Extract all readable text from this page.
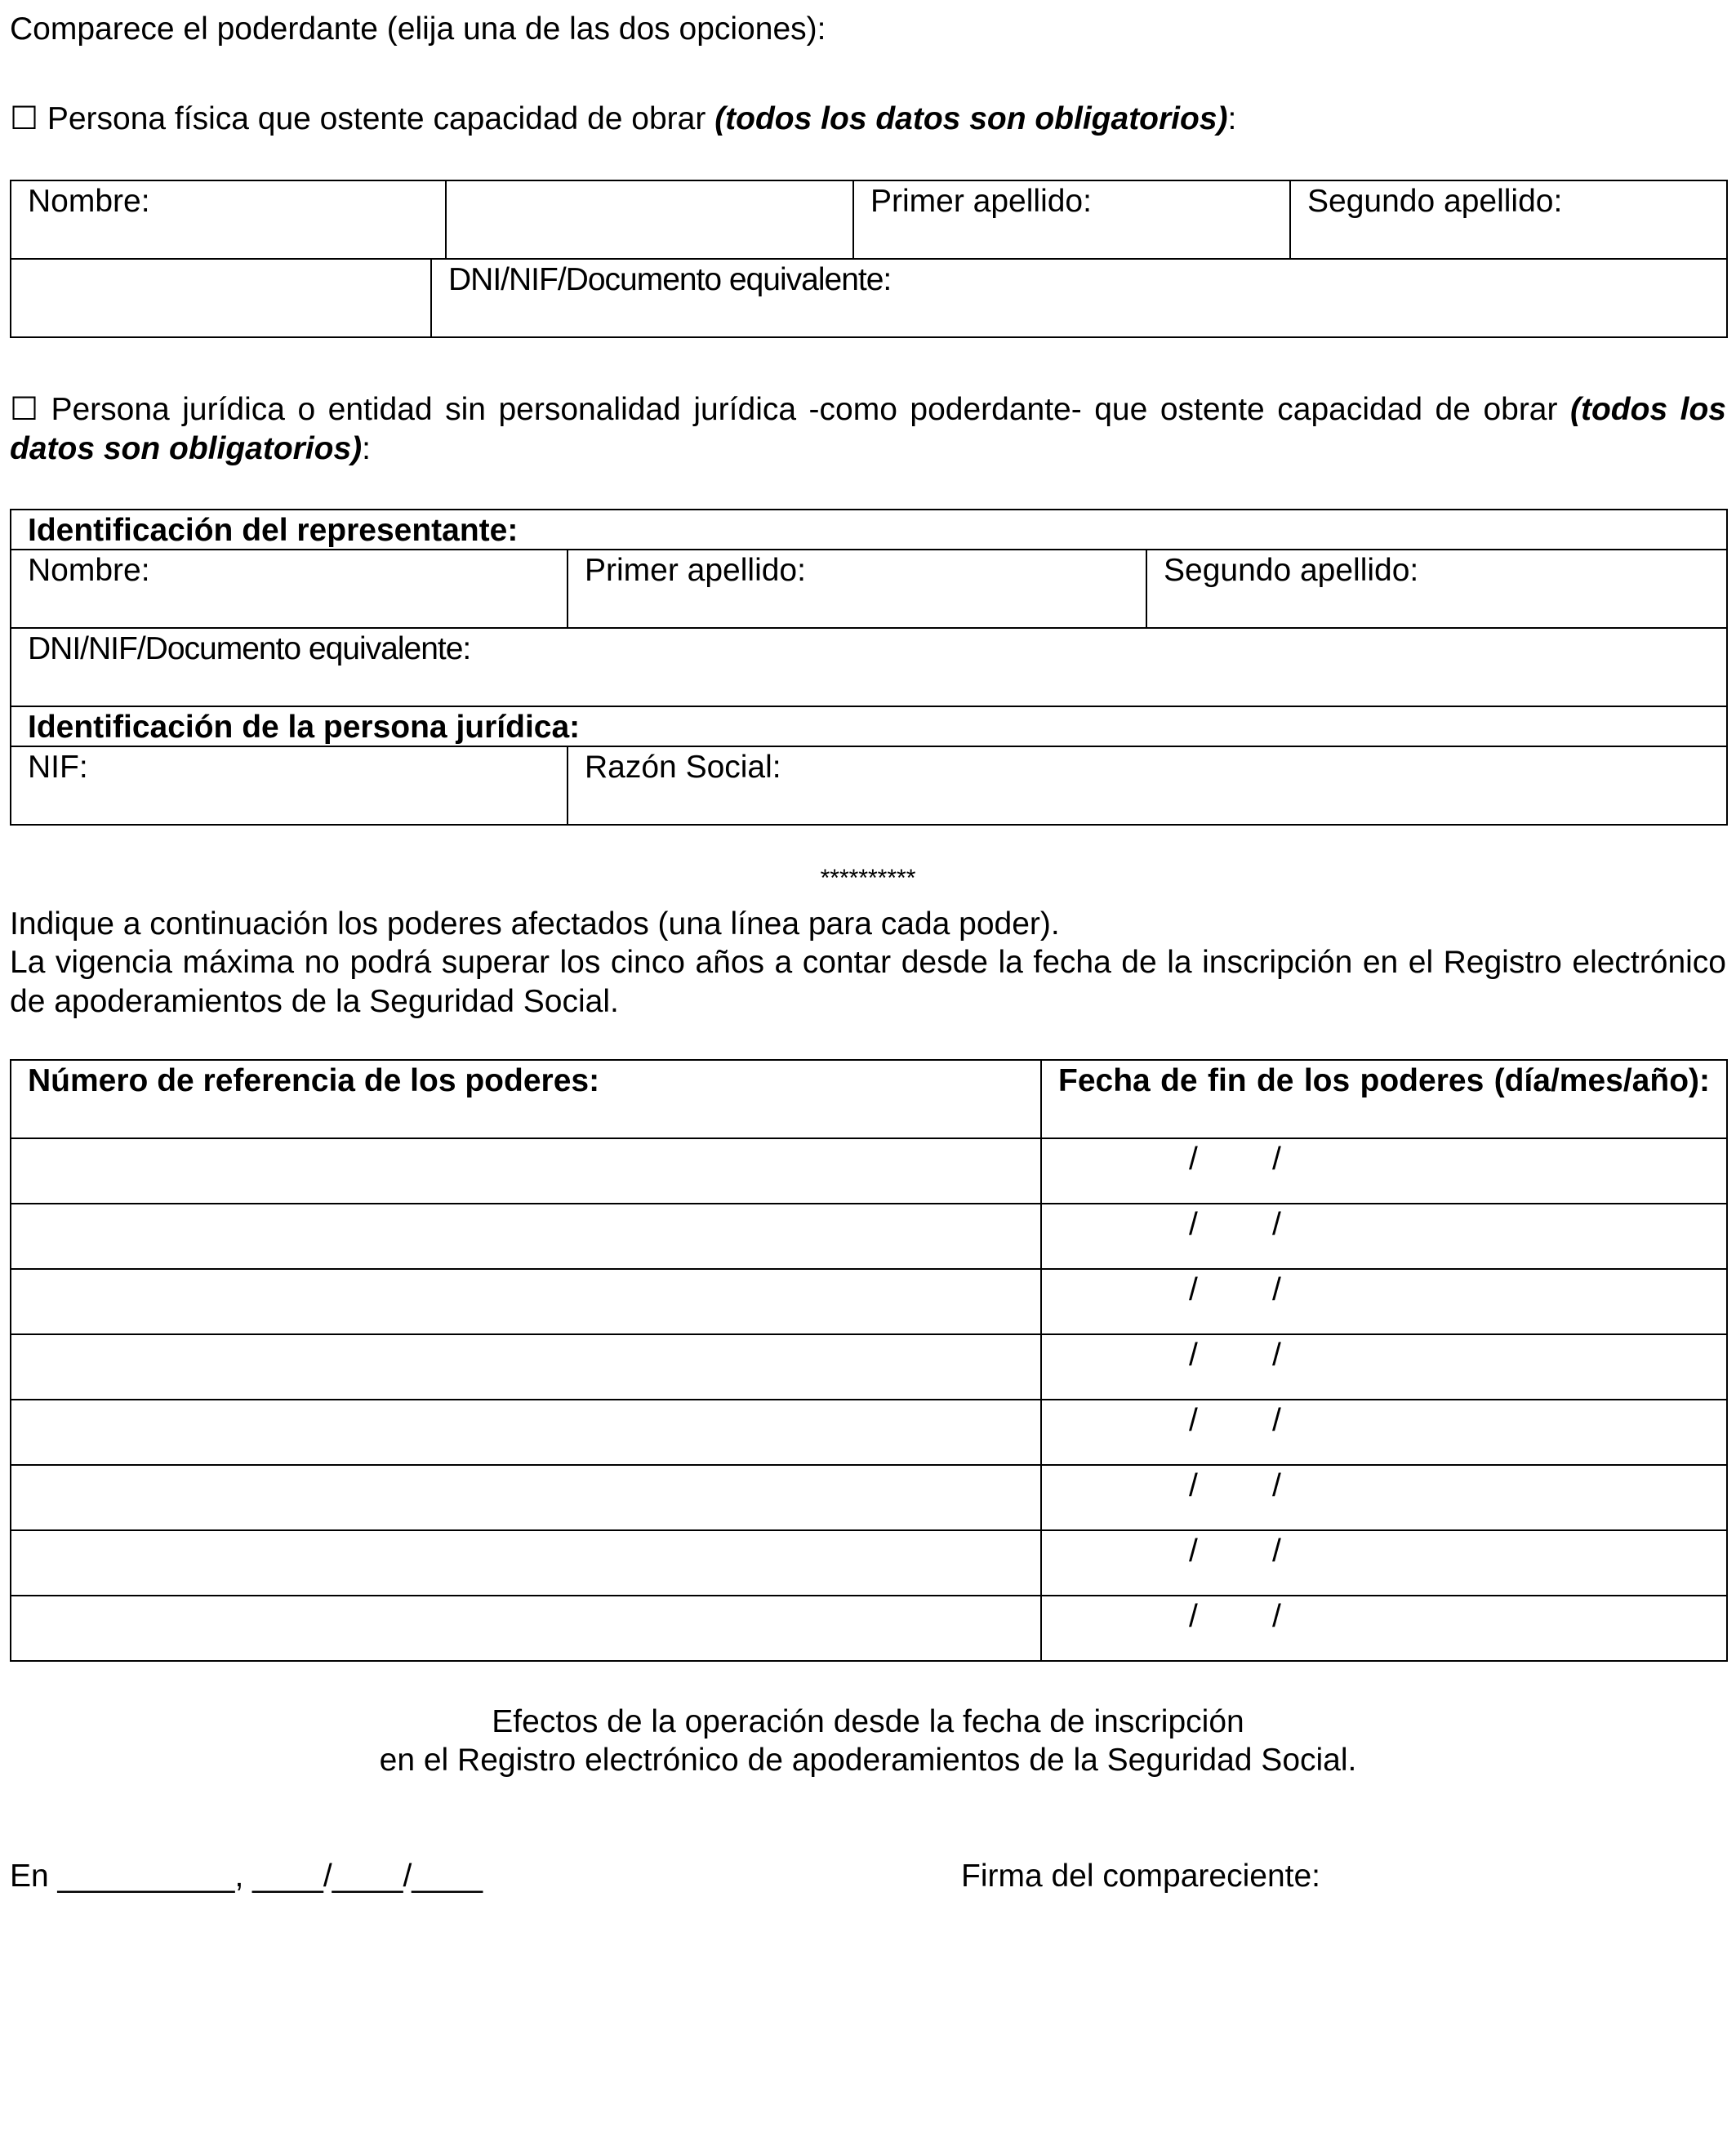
Comparece el poderdante (elija una de las dos opciones):
☐ Persona física que ostente capacidad de obrar (todos los datos son obligatorios):
Nombre:			Primer apellido:	Segundo apellido:
	DNI/NIF/Documento equivalente:			
☐ Persona jurídica o entidad sin personalidad jurídica -como poderdante- que ostente capacidad de obrar (todos los datos son obligatorios):
Identificación del representante:		
Nombre:	Primer apellido:	Segundo apellido:
DNI/NIF/Documento equivalente:		
Identificación de la persona jurídica:		
NIF:	Razón Social:	
**********
Indique a continuación los poderes afectados (una línea para cada poder).
La vigencia máxima no podrá superar los cinco años a contar desde la fecha de la inscripción en el Registro electrónico de apoderamientos de la Seguridad Social.
Número de referencia de los poderes:	Fecha de fin de los poderes (día/mes/año):

	/ /

	/ /

	/ /

	/ /

	/ /

	/ /

	/ /

	/ /
Efectos de la operación desde la fecha de inscripción
en el Registro electrónico de apoderamientos de la Seguridad Social.
En __________, ____/____/____	Firma del compareciente:
